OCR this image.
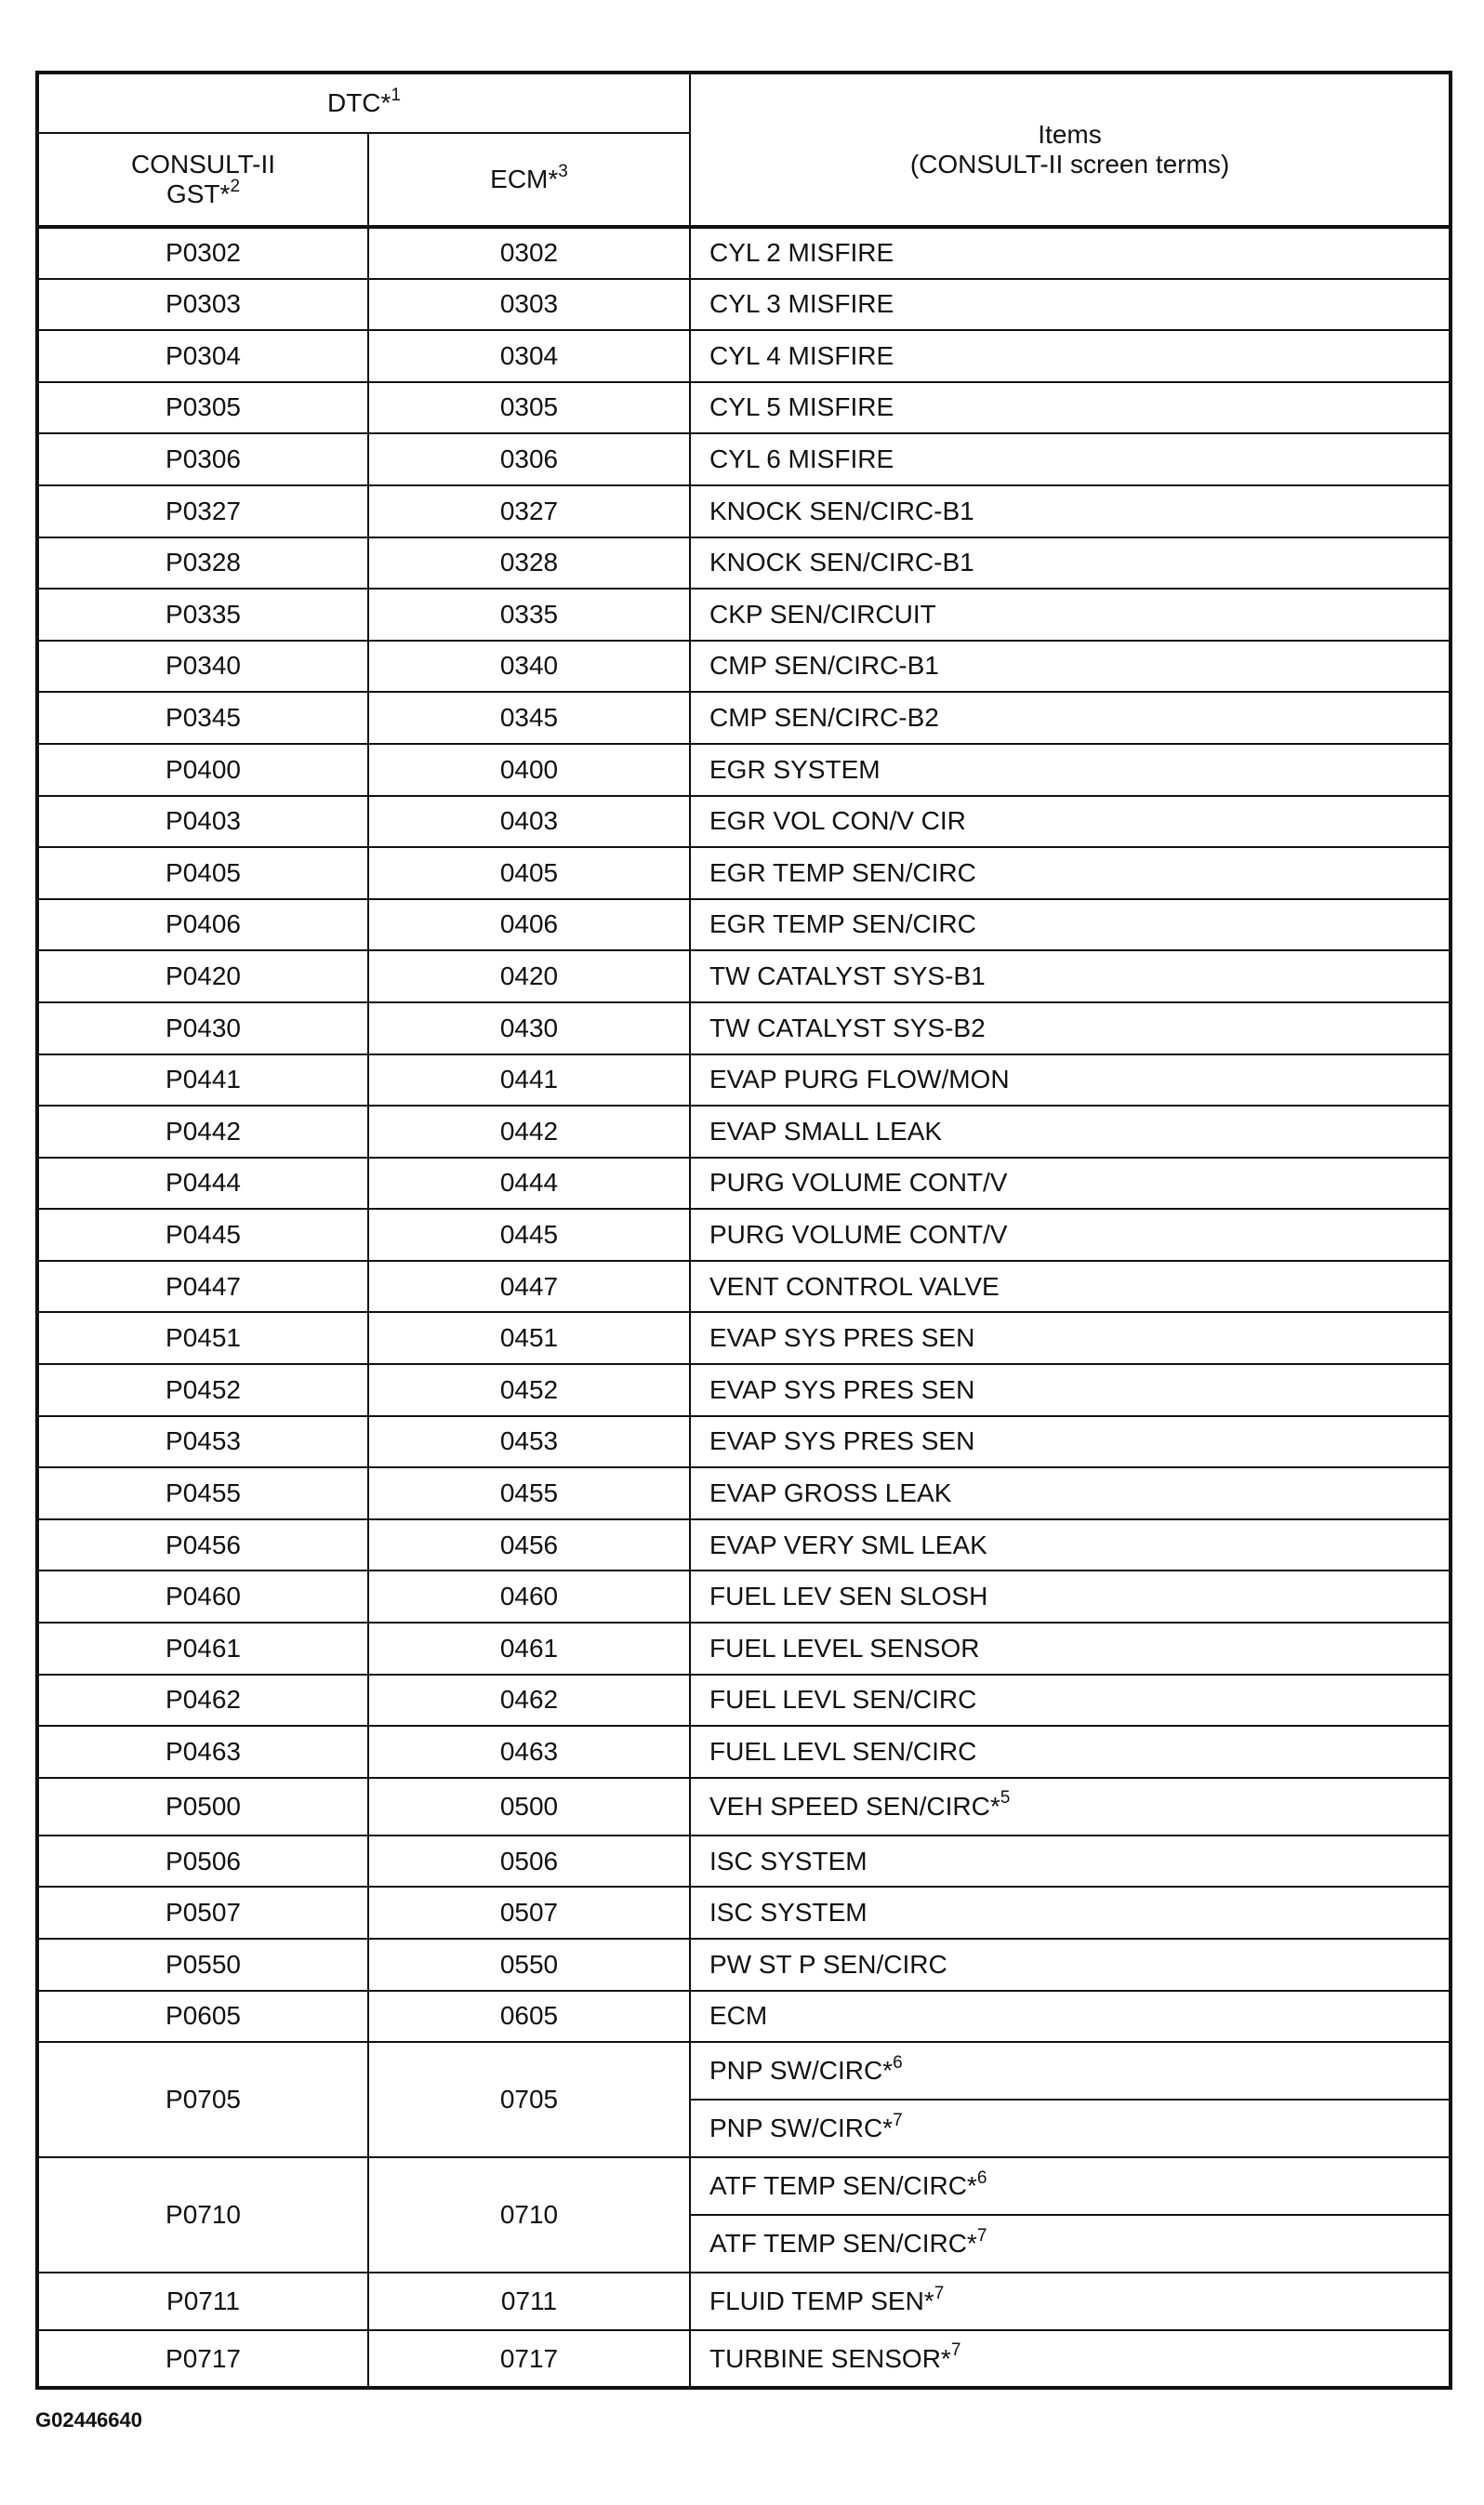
DTC*$^1$		Items
(CONSULT-II screen terms)

CONSULT-II
GST*$^2$	ECM*$^3$
P0302	0302	CYL 2 MISFIRE
P0303	0303	CYL 3 MISFIRE
P0304	0304	CYL 4 MISFIRE
P0305	0305	CYL 5 MISFIRE
P0306	0306	CYL 6 MISFIRE
P0327	0327	KNOCK SEN/CIRC-B1
P0328	0328	KNOCK SEN/CIRC-B1
P0335	0335	CKP SEN/CIRCUIT
P0340	0340	CMP SEN/CIRC-B1
P0345	0345	CMP SEN/CIRC-B2
P0400	0400	EGR SYSTEM
P0403	0403	EGR VOL CON/V CIR
P0405	0405	EGR TEMP SEN/CIRC
P0406	0406	EGR TEMP SEN/CIRC
P0420	0420	TW CATALYST SYS-B1
P0430	0430	TW CATALYST SYS-B2
P0441	0441	EVAP PURG FLOW/MON
P0442	0442	EVAP SMALL LEAK
P0444	0444	PURG VOLUME CONT/V
P0445	0445	PURG VOLUME CONT/V
P0447	0447	VENT CONTROL VALVE
P0451	0451	EVAP SYS PRES SEN
P0452	0452	EVAP SYS PRES SEN
P0453	0453	EVAP SYS PRES SEN
P0455	0455	EVAP GROSS LEAK
P0456	0456	EVAP VERY SML LEAK
P0460	0460	FUEL LEV SEN SLOSH
P0461	0461	FUEL LEVEL SENSOR
P0462	0462	FUEL LEVL SEN/CIRC
P0463	0463	FUEL LEVL SEN/CIRC
P0500	0500	VEH SPEED SEN/CIRC*$^5$
P0506	0506	ISC SYSTEM
P0507	0507	ISC SYSTEM
P0550	0550	PW ST P SEN/CIRC
P0605	0605	ECM
P0705	0705	PNP SW/CIRC*$^6$
		PNP SW/CIRC*$^7$
P0710	0710	ATF TEMP SEN/CIRC*$^6$
		ATF TEMP SEN/CIRC*$^7$
P0711	0711	FLUID TEMP SEN*$^7$
P0717	0717	TURBINE SENSOR*$^7$
G02446640
